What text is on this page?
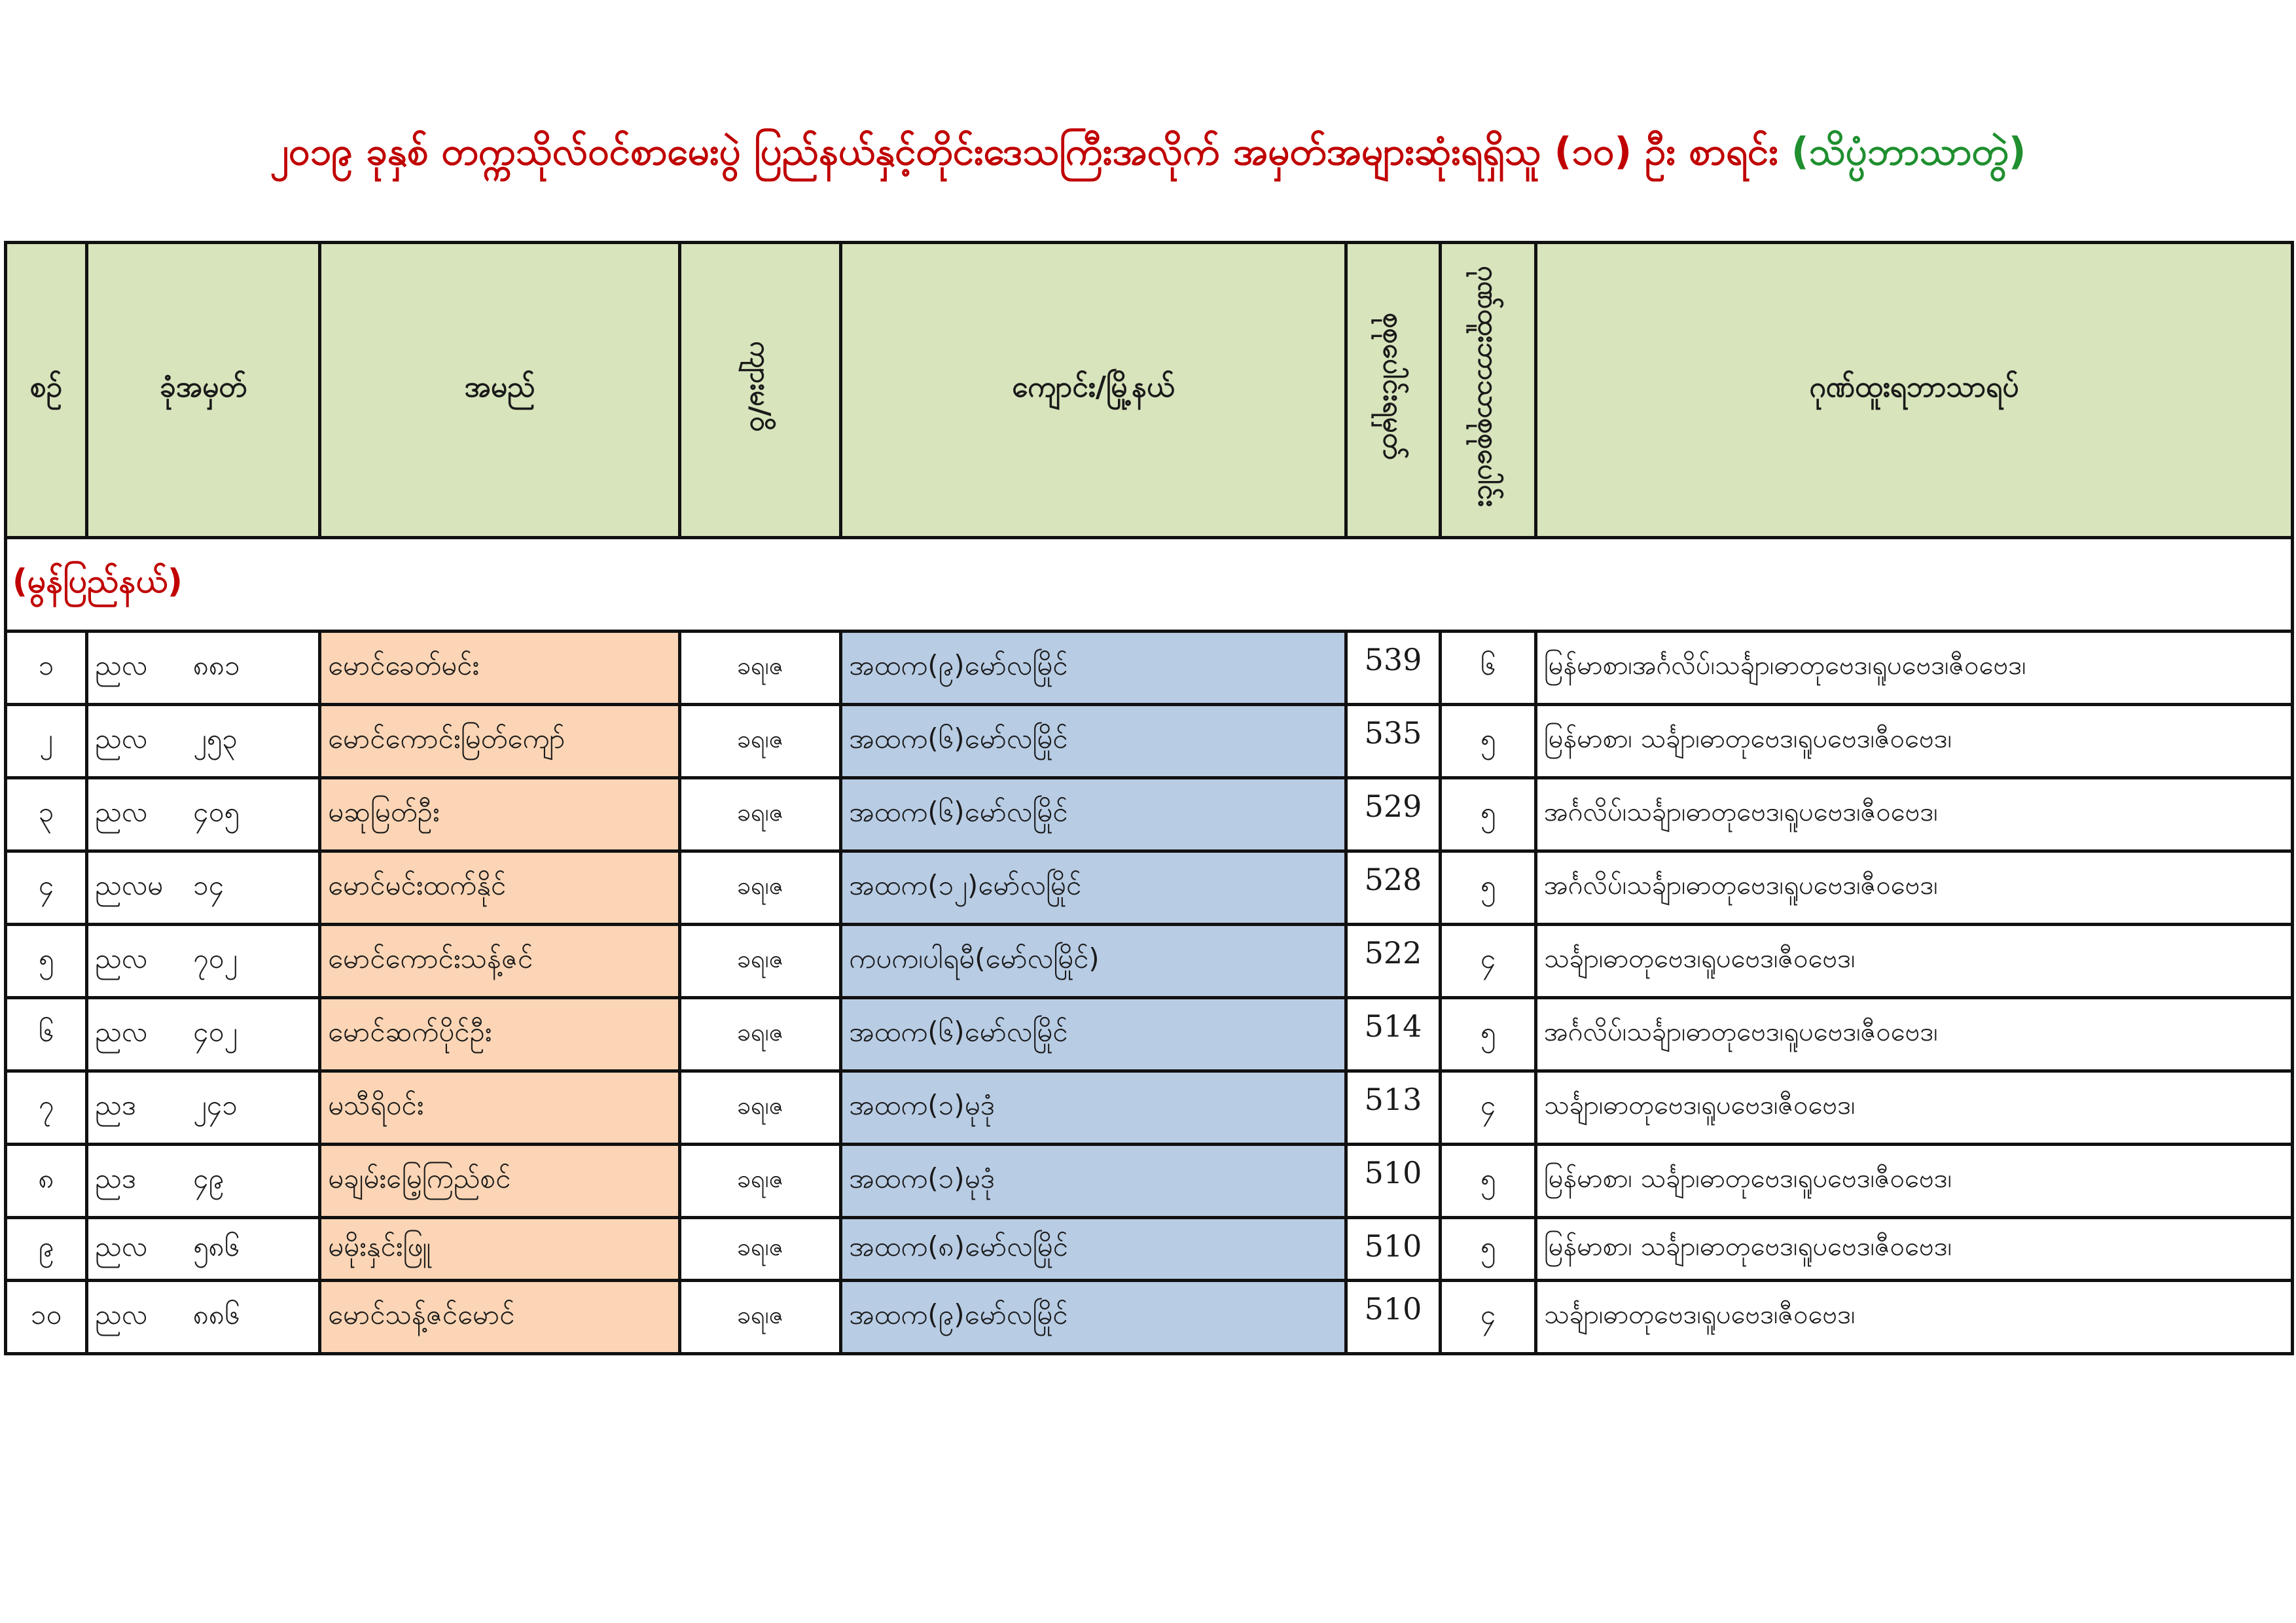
၂၀၁၉ ခုနှစ် တက္ကသိုလ်ဝင်စာမေးပွဲ ပြည်နယ်နှင့်တိုင်းဒေသကြီးအလိုက် အမှတ်အများဆုံးရရှိသူ (၁၀) ဦး စာရင်း (သိပ္ပံဘာသာတွဲ)
စဉ်	ခုံအမှတ်	အမည်	ကျားမ/ဝိ	ကျောင်း/မြို့နယ်	စုစုပေါင်းရမှတ်	ဂုဏ်ထူးဘာသာစုစုပေါင်း	ဂုဏ်ထူးရဘာသာရပ်
(မွန်ပြည်နယ်)							
၁	ညလ ၈၈၁	မောင်ခေတ်မင်း	ခရ၊ဇ	အထက(၉)မော်လမြိုင်	539	၆	မြန်မာစာ၊အင်္ဂလိပ်၊သင်္ချာ၊ဓာတုဗေဒ၊ရူပဗေဒ၊ဇီဝဗေဒ၊
၂	ညလ ၂၅၃	မောင်ကောင်းမြတ်ကျော်	ခရ၊ဇ	အထက(၆)မော်လမြိုင်	535	၅	မြန်မာစာ၊ သင်္ချာ၊ဓာတုဗေဒ၊ရူပဗေဒ၊ဇီဝဗေဒ၊
၃	ညလ ၄၀၅	မဆုမြတ်ဦး	ခရ၊ဇ	အထက(၆)မော်လမြိုင်	529	၅	အင်္ဂလိပ်၊သင်္ချာ၊ဓာတုဗေဒ၊ရူပဗေဒ၊ဇီဝဗေဒ၊
၄	ညလမ ၁၄	မောင်မင်းထက်နိုင်	ခရ၊ဇ	အထက(၁၂)မော်လမြိုင်	528	၅	အင်္ဂလိပ်၊သင်္ချာ၊ဓာတုဗေဒ၊ရူပဗေဒ၊ဇီဝဗေဒ၊
၅	ညလ ၇၀၂	မောင်ကောင်းသန့်ဇင်	ခရ၊ဇ	ကပက၊ပါရမီ(မော်လမြိုင်)	522	၄	သင်္ချာ၊ဓာတုဗေဒ၊ရူပဗေဒ၊ဇီဝဗေဒ၊
၆	ညလ ၄၀၂	မောင်ဆက်ပိုင်ဦး	ခရ၊ဇ	အထက(၆)မော်လမြိုင်	514	၅	အင်္ဂလိပ်၊သင်္ချာ၊ဓာတုဗေဒ၊ရူပဗေဒ၊ဇီဝဗေဒ၊
၇	ညဒ ၂၄၁	မသီရိဝင်း	ခရ၊ဇ	အထက(၁)မုဒုံ	513	၄	သင်္ချာ၊ဓာတုဗေဒ၊ရူပဗေဒ၊ဇီဝဗေဒ၊
၈	ညဒ ၄၉	မချမ်းမြေ့ကြည်စင်	ခရ၊ဇ	အထက(၁)မုဒုံ	510	၅	မြန်မာစာ၊ သင်္ချာ၊ဓာတုဗေဒ၊ရူပဗေဒ၊ဇီဝဗေဒ၊
၉	ညလ ၅၈၆	မမိုးနှင်းဖြူ	ခရ၊ဇ	အထက(၈)မော်လမြိုင်	510	၅	မြန်မာစာ၊ သင်္ချာ၊ဓာတုဗေဒ၊ရူပဗေဒ၊ဇီဝဗေဒ၊
၁၀	ညလ ၈၈၆	မောင်သန့်ဇင်မောင်	ခရ၊ဇ	အထက(၉)မော်လမြိုင်	510	၄	သင်္ချာ၊ဓာတုဗေဒ၊ရူပဗေဒ၊ဇီဝဗေဒ၊
